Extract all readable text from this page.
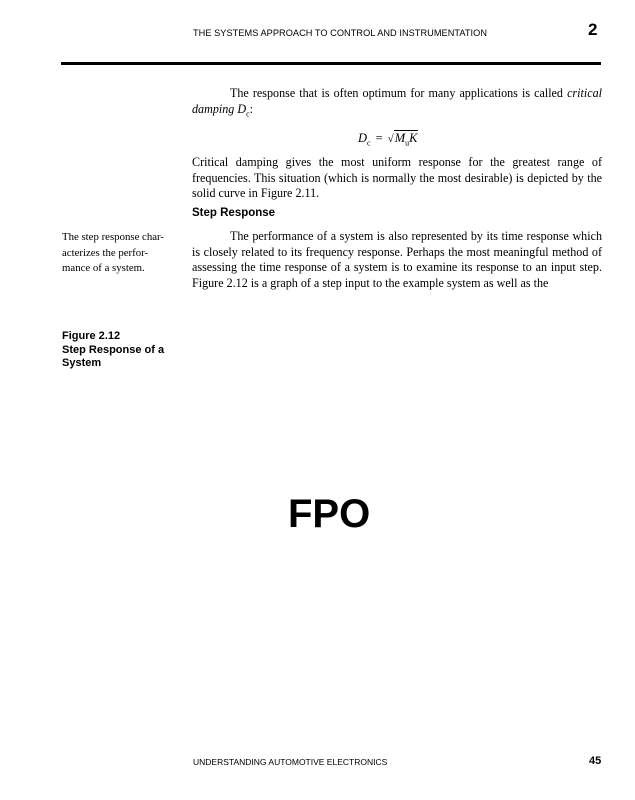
THE SYSTEMS APPROACH TO CONTROL AND INSTRUMENTATION	2
The response that is often optimum for many applications is called critical damping $D_c$:
$D_c = √M_uK$
Critical damping gives the most uniform response for the greatest range of frequencies. This situation (which is normally the most desirable) is depicted by the solid curve in Figure 2.11.
Step Response
The performance of a system is also represented by its time response which is closely related to its frequency response. Perhaps the most meaningful method of assessing the time response of a system is to examine its response to an input step. Figure 2.12 is a graph of a step input to the example system as well as the
The step response char-
acterizes the perfor-
mance of a system.
Figure 2.12
Step Response of a System
FPO
UNDERSTANDING AUTOMOTIVE ELECTRONICS	45
